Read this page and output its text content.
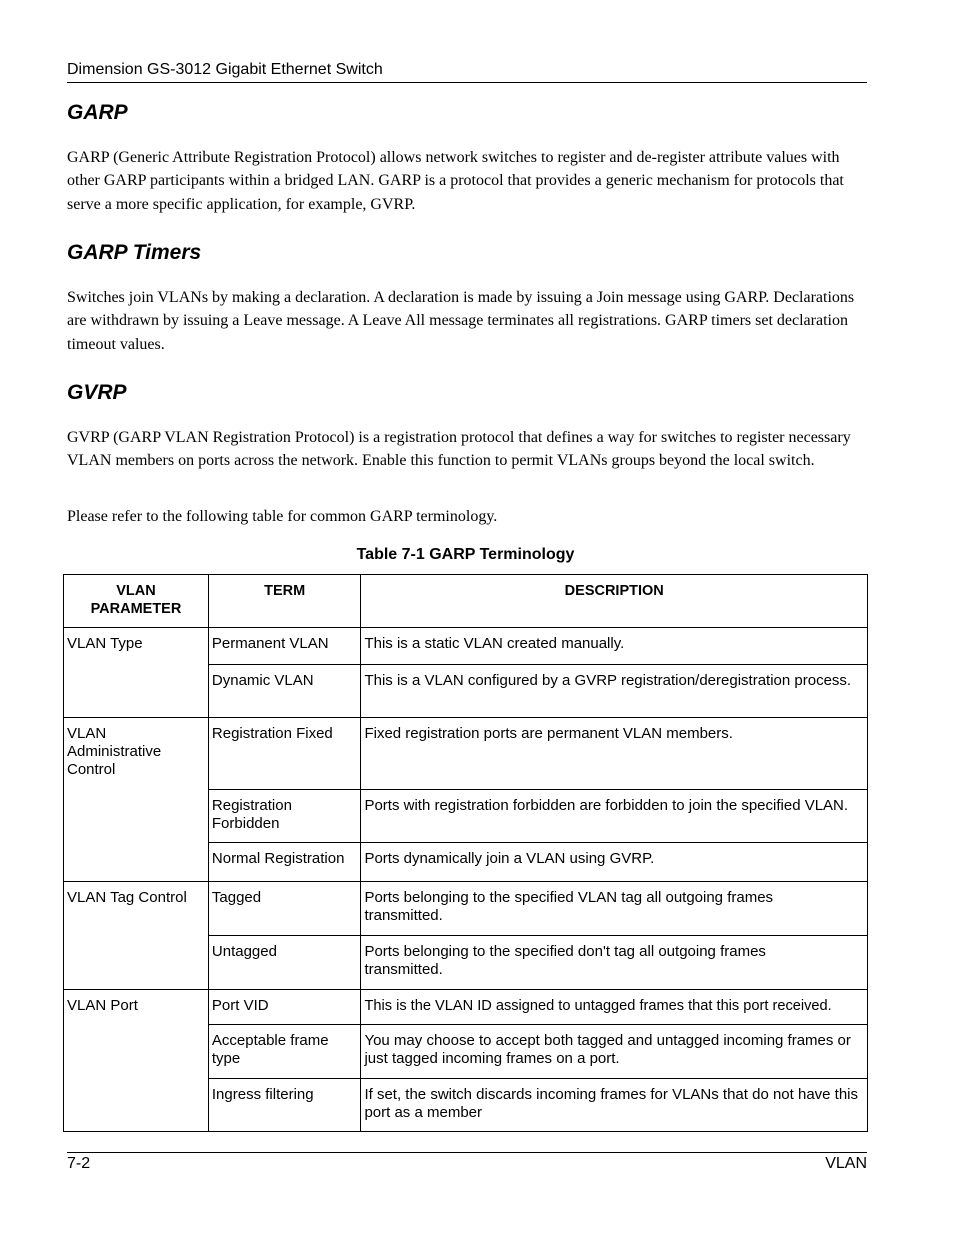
Dimension GS-3012 Gigabit Ethernet Switch
GARP

GARP (Generic Attribute Registration Protocol) allows network switches to register and de-register attribute values with other GARP participants within a bridged LAN. GARP is a protocol that provides a generic mechanism for protocols that serve a more specific application, for example, GVRP.

GARP Timers

Switches join VLANs by making a declaration. A declaration is made by issuing a Join message using GARP. Declarations are withdrawn by issuing a Leave message. A Leave All message terminates all registrations. GARP timers set declaration timeout values.

GVRP

GVRP (GARP VLAN Registration Protocol) is a registration protocol that defines a way for switches to register necessary VLAN members on ports across the network. Enable this function to permit VLANs groups beyond the local switch.

Please refer to the following table for common GARP terminology.

Table 7-1 GARP Terminology
VLAN PARAMETER	TERM	DESCRIPTION
VLAN Type	Permanent VLAN	This is a static VLAN created manually.
	Dynamic VLAN	This is a VLAN configured by a GVRP registration/deregistration process.
VLAN Administrative Control	Registration Fixed	Fixed registration ports are permanent VLAN members.
	Registration Forbidden	Ports with registration forbidden are forbidden to join the specified VLAN.
	Normal Registration	Ports dynamically join a VLAN using GVRP.
VLAN Tag Control	Tagged	Ports belonging to the specified VLAN tag all outgoing frames transmitted.
	Untagged	Ports belonging to the specified don't tag all outgoing frames transmitted.
VLAN Port	Port VID	This is the VLAN ID assigned to untagged frames that this port received.
	Acceptable frame type	You may choose to accept both tagged and untagged incoming frames or just tagged incoming frames on a port.
	Ingress filtering	If set, the switch discards incoming frames for VLANs that do not have this port as a member
7-2	VLAN
